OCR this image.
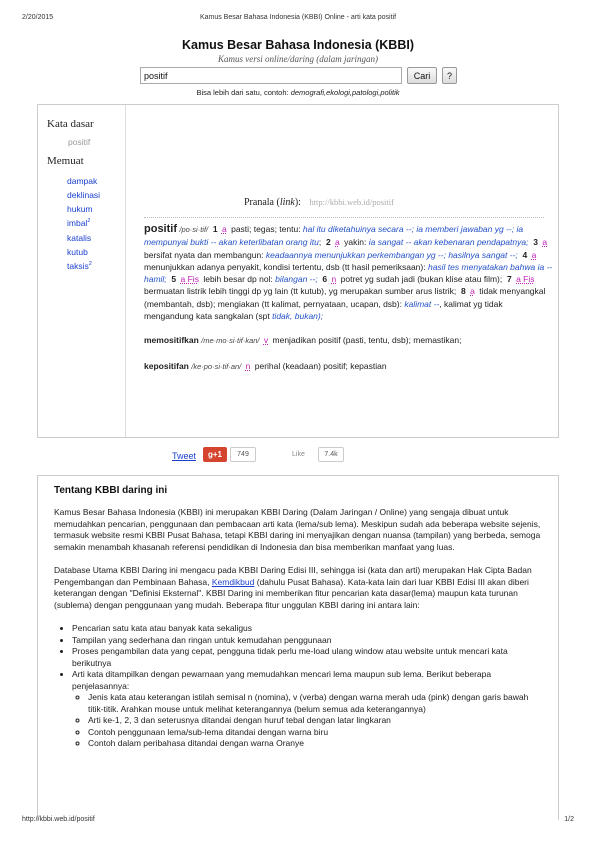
2/20/2015	Kamus Besar Bahasa Indonesia (KBBI) Online - arti kata positif
Kamus Besar Bahasa Indonesia (KBBI)
Kamus versi online/daring (dalam jaringan)
positif
Cari	?
Bisa lebih dari satu, contoh: demografi,ekologi,patologi,politik
Kata dasar
positif
Memuat
dampak
deklinasi
hukum
imbal$^2$
katalis
kutub
taksis$^2$
Pranala (link): http://kbbi.web.id/positif
positif /po·si·tif/ 1 a pasti; tegas; tentu: hal itu diketahuinya secara --; ia memberi jawaban yg --; ia mempunyai bukti -- akan keterlibatan orang itu; 2 a yakin: ia sangat -- akan kebenaran pendapatnya; 3 a bersifat nyata dan membangun: keadaannya menunjukkan perkembangan yg --; hasilnya sangat --; 4 a menunjukkan adanya penyakit, kondisi tertentu, dsb (tt hasil pemeriksaan): hasil tes menyatakan bahwa ia -- hamil; 5 a Fis lebih besar dp nol: bilangan --; 6 n potret yg sudah jadi (bukan klise atau film); 7 a Fis bermuatan listrik lebih tinggi dp yg lain (tt kutub), yg merupakan sumber arus listrik; 8 a tidak menyangkal (membantah, dsb); mengiakan (tt kalimat, pernyataan, ucapan, dsb): kalimat --, kalimat yg tidak mengandung kata sangkalan (spt tidak, bukan);
memositifkan /me·mo·si·tif·kan/ v menjadikan positif (pasti, tentu, dsb); memastikan;
kepositifan /ke·po·si·tif·an/ n perihal (keadaan) positif; kepastian
Tweet	g+1	749	Like	7.4k
Tentang KBBI daring ini

Kamus Besar Bahasa Indonesia (KBBI) ini merupakan KBBI Daring (Dalam Jaringan / Online) yang sengaja dibuat untuk memudahkan pencarian, penggunaan dan pembacaan arti kata (lema/sub lema). Meskipun sudah ada beberapa website sejenis, termasuk website resmi KBBI Pusat Bahasa, tetapi KBBI daring ini menyajikan dengan nuansa (tampilan) yang berbeda, semoga semakin menambah khasanah referensi pendidikan di Indonesia dan bisa memberikan manfaat yang luas.

Database Utama KBBI Daring ini mengacu pada KBBI Daring Edisi III, sehingga isi (kata dan arti) merupakan Hak Cipta Badan Pengembangan dan Pembinaan Bahasa, Kemdikbud (dahulu Pusat Bahasa). Kata-kata lain dari luar KBBI Edisi III akan diberi keterangan dengan "Definisi Eksternal". KBBI Daring ini memberikan fitur pencarian kata dasar(lema) maupun kata turunan (sublema) dengan penggunaan yang mudah. Beberapa fitur unggulan KBBI daring ini antara lain:

• Pencarian satu kata atau banyak kata sekaligus
• Tampilan yang sederhana dan ringan untuk kemudahan penggunaan
• Proses pengambilan data yang cepat, pengguna tidak perlu me-load ulang window atau website untuk mencari kata berikutnya
• Arti kata ditampilkan dengan pewarnaan yang memudahkan mencari lema maupun sub lema. Berikut beberapa penjelasannya:
◦ Jenis kata atau keterangan istilah semisal n (nomina), v (verba) dengan warna merah uda (pink) dengan garis bawah titik-titik. Arahkan mouse untuk melihat keterangannya (belum semua ada keterangannya)
◦ Arti ke-1, 2, 3 dan seterusnya ditandai dengan huruf tebal dengan latar lingkaran
◦ Contoh penggunaan lema/sub-lema ditandai dengan warna biru
◦ Contoh dalam peribahasa ditandai dengan warna Oranye
http://kbbi.web.id/positif	1/2
